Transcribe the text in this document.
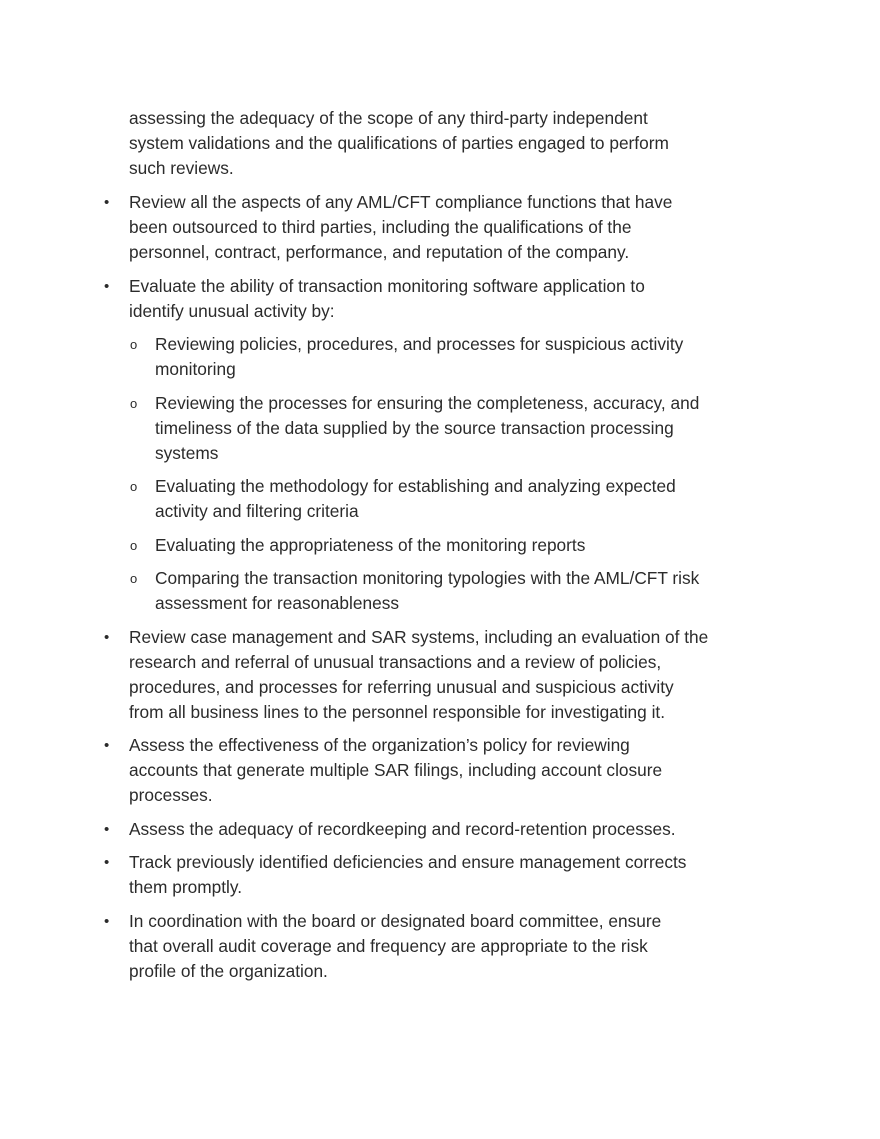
assessing the adequacy of the scope of any third-party independent
system validations and the qualifications of parties engaged to perform
such reviews.
• Review all the aspects of any AML/CFT compliance functions that have
been outsourced to third parties, including the qualifications of the
personnel, contract, performance, and reputation of the company.
• Evaluate the ability of transaction monitoring software application to
identify unusual activity by:
o Reviewing policies, procedures, and processes for suspicious activity
monitoring
o Reviewing the processes for ensuring the completeness, accuracy, and
timeliness of the data supplied by the source transaction processing
systems
o Evaluating the methodology for establishing and analyzing expected
activity and filtering criteria
o Evaluating the appropriateness of the monitoring reports
o Comparing the transaction monitoring typologies with the AML/CFT risk
assessment for reasonableness
• Review case management and SAR systems, including an evaluation of the
research and referral of unusual transactions and a review of policies,
procedures, and processes for referring unusual and suspicious activity
from all business lines to the personnel responsible for investigating it.
• Assess the effectiveness of the organization’s policy for reviewing
accounts that generate multiple SAR filings, including account closure
processes.
• Assess the adequacy of recordkeeping and record-retention processes.
• Track previously identified deficiencies and ensure management corrects
them promptly.
• In coordination with the board or designated board committee, ensure
that overall audit coverage and frequency are appropriate to the risk
profile of the organization.
